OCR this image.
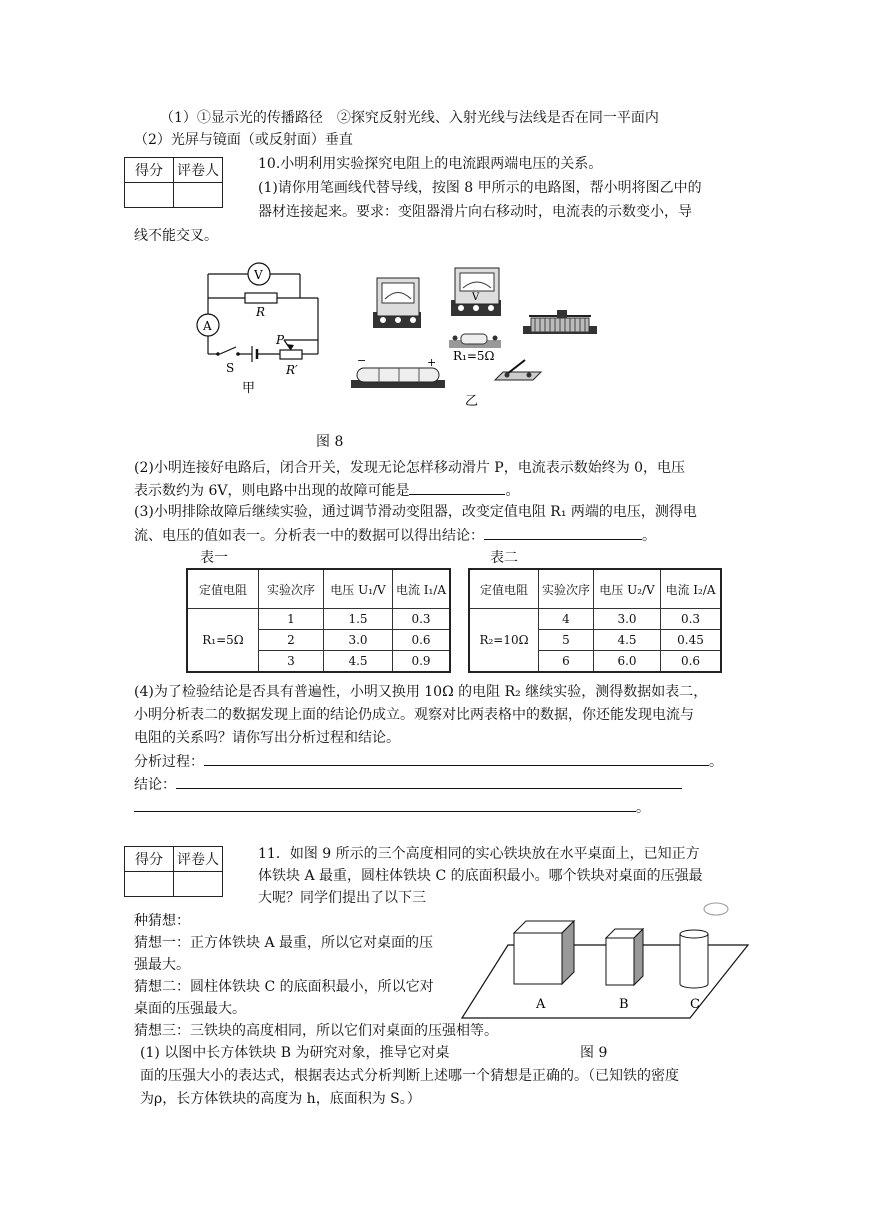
（1）①显示光的传播路径　②探究反射光线、入射光线与法线是否在同一平面内
（2）光屏与镜面（或反射面）垂直
得分	评卷人
		10.小明利用实验探究电阻上的电流跟两端电压的关系。
(1)请你用笔画线代替导线，按图 8 甲所示的电路图，帮小明将图乙中的
器材连接起来。要求：变阻器滑片向右移动时，电流表的示数变小，导
线不能交叉。
V
A
R
P
S	R′
甲
V
R₁=5Ω
−	+
乙
图 8
(2)小明连接好电路后，闭合开关，发现无论怎样移动滑片 P，电流表示数始终为 0，电压
表示数约为 6V，则电路中出现的故障可能是	。
(3)小明排除故障后继续实验，通过调节滑动变阻器，改变定值电阻 R₁ 两端的电压，测得电
流、电压的值如表一。分析表一中的数据可以得出结论：	。
表一	表二
定值电阻	实验次序	电压 U₁/V	电流 I₁/A
R₁=5Ω	1	1.5	0.3
	2	3.0	0.6
	3	4.5	0.9
定值电阻	实验次序	电压 U₂/V	电流 I₂/A
R₂=10Ω	4	3.0	0.3
	5	4.5	0.45
	6	6.0	0.6
(4)为了检验结论是否具有普遍性，小明又换用 10Ω 的电阻 R₂ 继续实验，测得数据如表二，
小明分析表二的数据发现上面的结论仍成立。观察对比两表格中的数据，你还能发现电流与
电阻的关系吗？请你写出分析过程和结论。
分析过程：	。
结论：
。
得分	评卷人
		11．如图 9 所示的三个高度相同的实心铁块放在水平桌面上，已知正方
体铁块 A 最重，圆柱体铁块 C 的底面积最小。哪个铁块对桌面的压强最
大呢？同学们提出了以下三
种猜想：
猜想一：正方体铁块 A 最重，所以它对桌面的压
强最大。
猜想二：圆柱体铁块 C 的底面积最小，所以它对
桌面的压强最大。
猜想三：三铁块的高度相同，所以它们对桌面的压强相等。
(1) 以图中长方体铁块 B 为研究对象，推导它对桌	图 9
面的压强大小的表达式，根据表达式分析判断上述哪一个猜想是正确的。（已知铁的密度
为ρ，长方体铁块的高度为 h，底面积为 S。）
A	B	C
